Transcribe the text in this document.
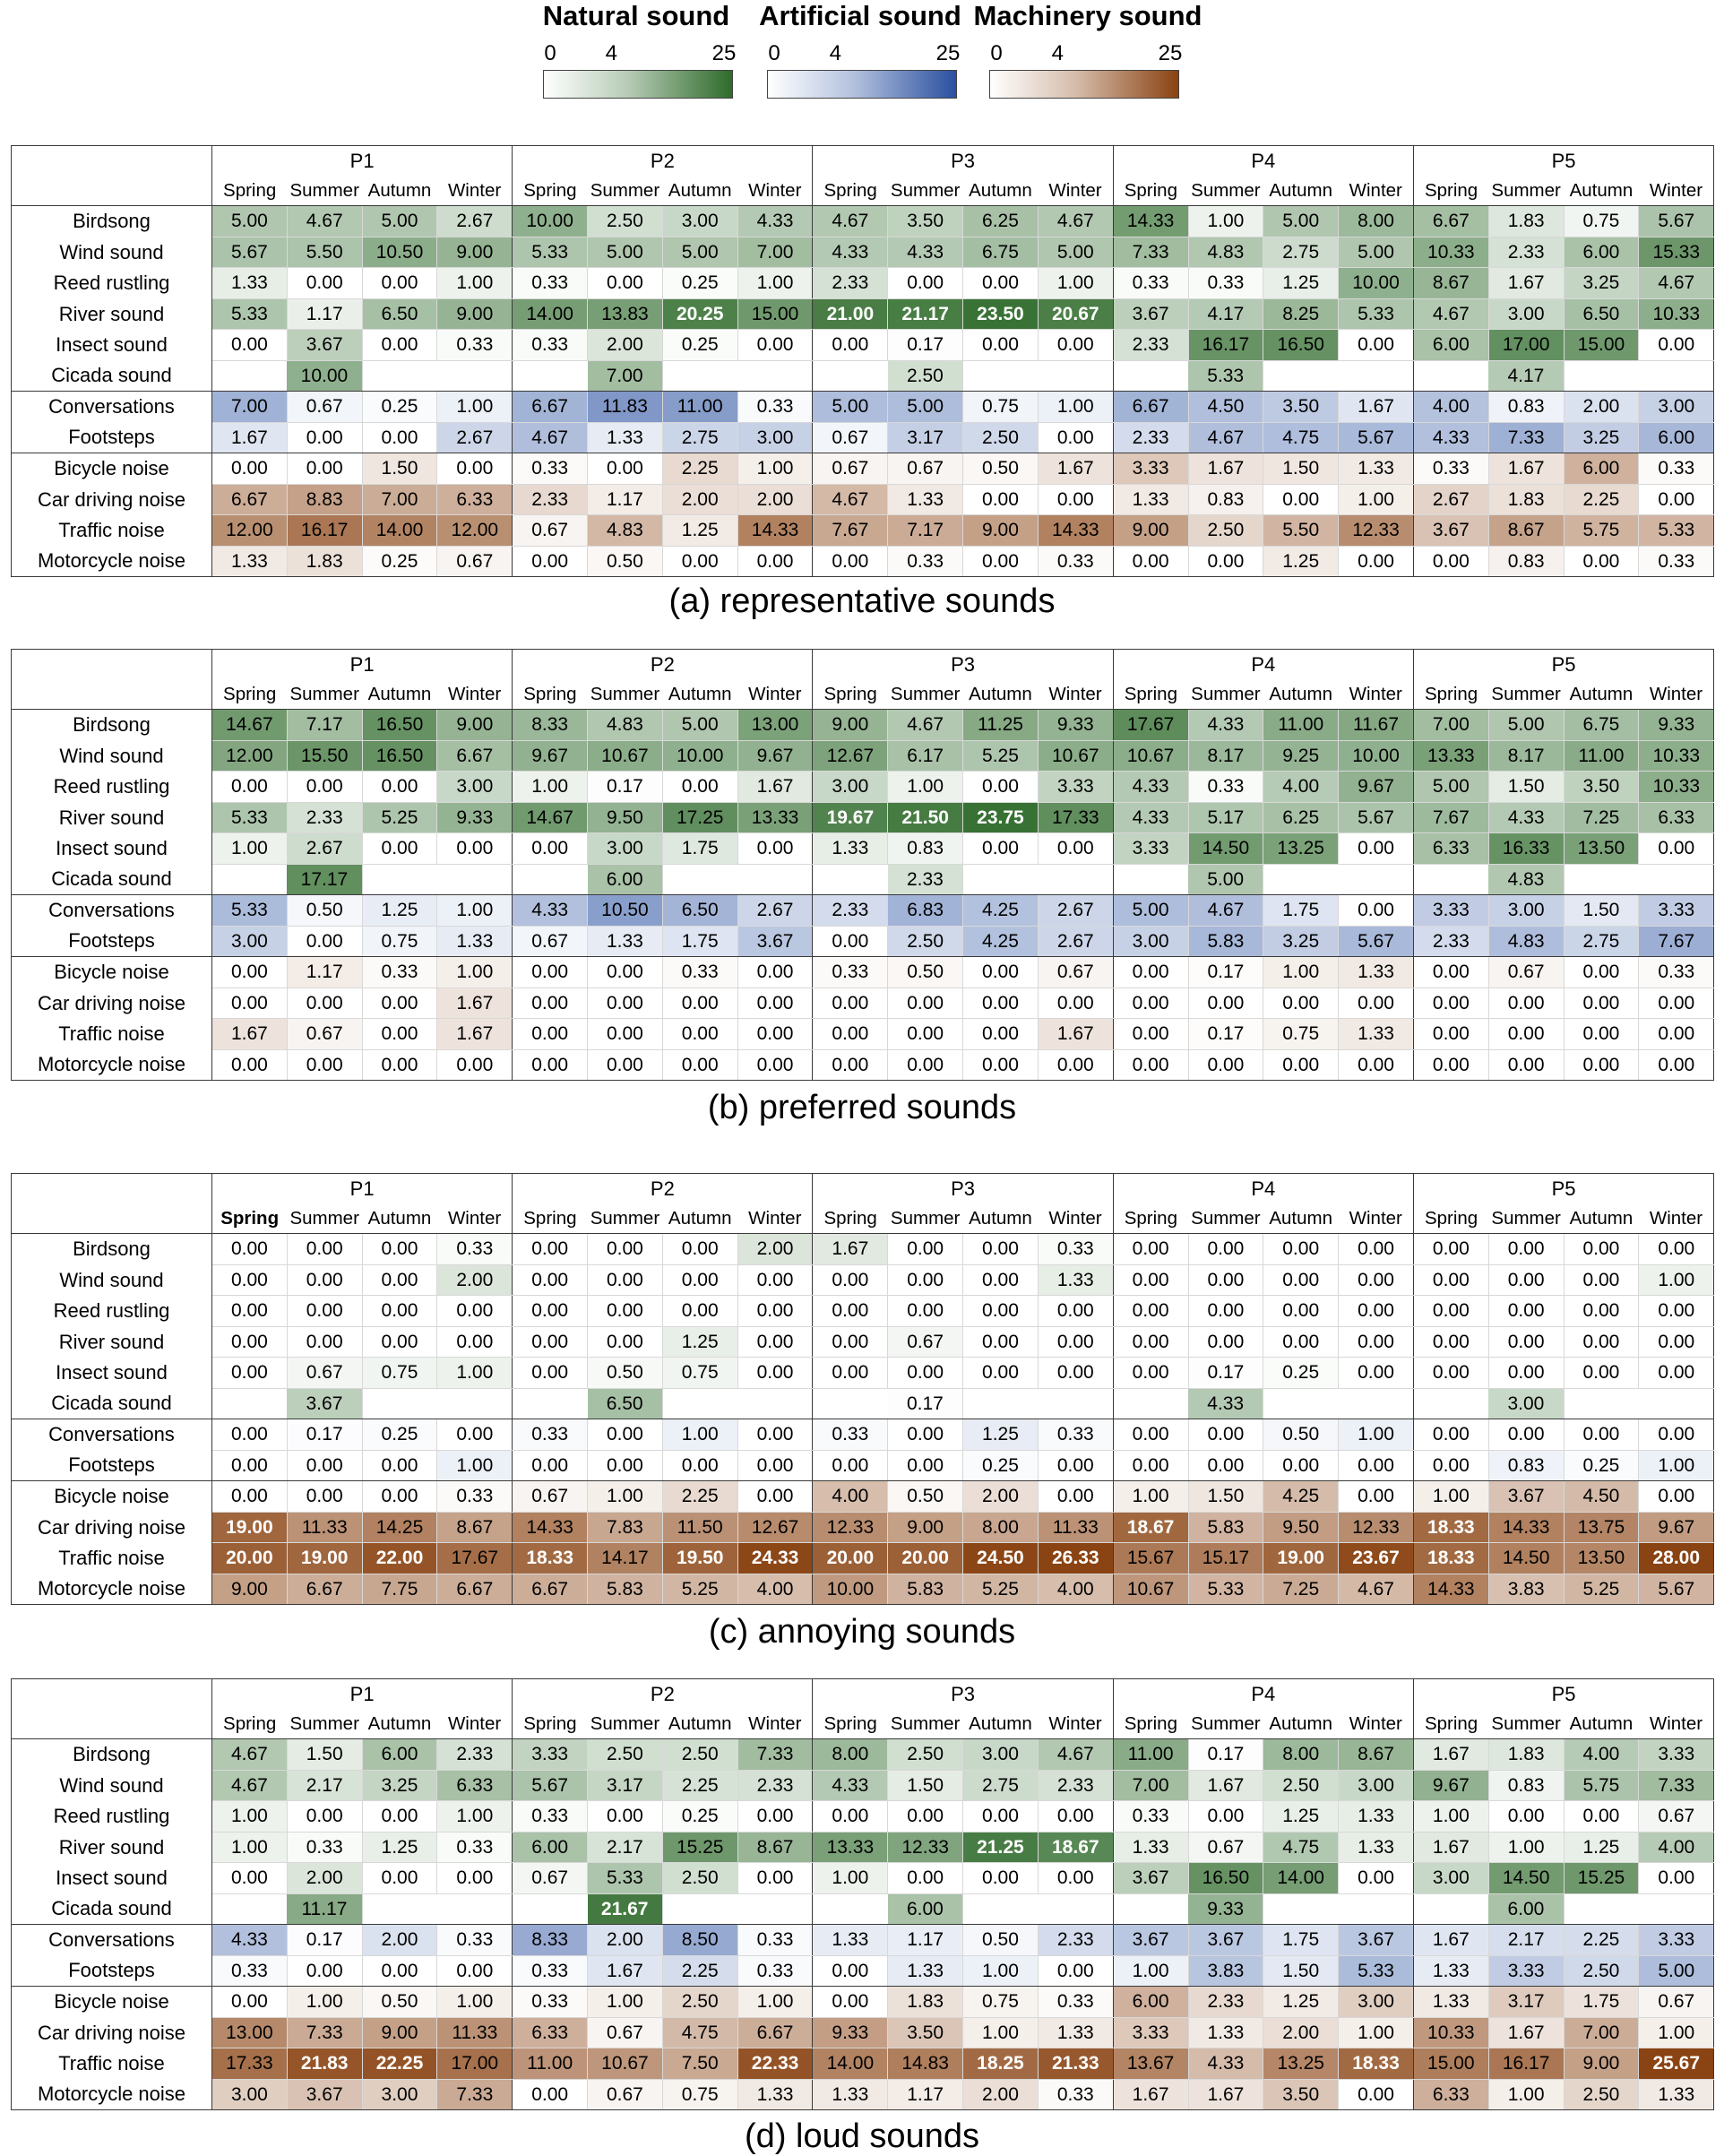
Natural sound
0 4	25
Artificial sound
0 4	25
Machinery sound
0 4	25
	P1				P2				P3				P4				P5			
	Spring	Summer	Autumn	Winter	Spring	Summer	Autumn	Winter	Spring	Summer	Autumn	Winter	Spring	Summer	Autumn	Winter	Spring	Summer	Autumn	Winter
Birdsong	5.00	4.67	5.00	2.67	10.00	2.50	3.00	4.33	4.67	3.50	6.25	4.67	14.33	1.00	5.00	8.00	6.67	1.83	0.75	5.67
Wind sound	5.67	5.50	10.50	9.00	5.33	5.00	5.00	7.00	4.33	4.33	6.75	5.00	7.33	4.83	2.75	5.00	10.33	2.33	6.00	15.33
Reed rustling	1.33	0.00	0.00	1.00	0.33	0.00	0.25	1.00	2.33	0.00	0.00	1.00	0.33	0.33	1.25	10.00	8.67	1.67	3.25	4.67
River sound	5.33	1.17	6.50	9.00	14.00	13.83	20.25	15.00	21.00	21.17	23.50	20.67	3.67	4.17	8.25	5.33	4.67	3.00	6.50	10.33
Insect sound	0.00	3.67	0.00	0.33	0.33	2.00	0.25	0.00	0.00	0.17	0.00	0.00	2.33	16.17	16.50	0.00	6.00	17.00	15.00	0.00
Cicada sound		10.00				7.00				2.50				5.33				4.17		
Conversations	7.00	0.67	0.25	1.00	6.67	11.83	11.00	0.33	5.00	5.00	0.75	1.00	6.67	4.50	3.50	1.67	4.00	0.83	2.00	3.00
Footsteps	1.67	0.00	0.00	2.67	4.67	1.33	2.75	3.00	0.67	3.17	2.50	0.00	2.33	4.67	4.75	5.67	4.33	7.33	3.25	6.00
Bicycle noise	0.00	0.00	1.50	0.00	0.33	0.00	2.25	1.00	0.67	0.67	0.50	1.67	3.33	1.67	1.50	1.33	0.33	1.67	6.00	0.33
Car driving noise	6.67	8.83	7.00	6.33	2.33	1.17	2.00	2.00	4.67	1.33	0.00	0.00	1.33	0.83	0.00	1.00	2.67	1.83	2.25	0.00
Traffic noise	12.00	16.17	14.00	12.00	0.67	4.83	1.25	14.33	7.67	7.17	9.00	14.33	9.00	2.50	5.50	12.33	3.67	8.67	5.75	5.33
Motorcycle noise	1.33	1.83	0.25	0.67	0.00	0.50	0.00	0.00	0.00	0.33	0.00	0.33	0.00	0.00	1.25	0.00	0.00	0.83	0.00	0.33
(a) representative sounds
	P1				P2				P3				P4				P5			
	Spring	Summer	Autumn	Winter	Spring	Summer	Autumn	Winter	Spring	Summer	Autumn	Winter	Spring	Summer	Autumn	Winter	Spring	Summer	Autumn	Winter
Birdsong	14.67	7.17	16.50	9.00	8.33	4.83	5.00	13.00	9.00	4.67	11.25	9.33	17.67	4.33	11.00	11.67	7.00	5.00	6.75	9.33
Wind sound	12.00	15.50	16.50	6.67	9.67	10.67	10.00	9.67	12.67	6.17	5.25	10.67	10.67	8.17	9.25	10.00	13.33	8.17	11.00	10.33
Reed rustling	0.00	0.00	0.00	3.00	1.00	0.17	0.00	1.67	3.00	1.00	0.00	3.33	4.33	0.33	4.00	9.67	5.00	1.50	3.50	10.33
River sound	5.33	2.33	5.25	9.33	14.67	9.50	17.25	13.33	19.67	21.50	23.75	17.33	4.33	5.17	6.25	5.67	7.67	4.33	7.25	6.33
Insect sound	1.00	2.67	0.00	0.00	0.00	3.00	1.75	0.00	1.33	0.83	0.00	0.00	3.33	14.50	13.25	0.00	6.33	16.33	13.50	0.00
Cicada sound		17.17				6.00				2.33				5.00				4.83		
Conversations	5.33	0.50	1.25	1.00	4.33	10.50	6.50	2.67	2.33	6.83	4.25	2.67	5.00	4.67	1.75	0.00	3.33	3.00	1.50	3.33
Footsteps	3.00	0.00	0.75	1.33	0.67	1.33	1.75	3.67	0.00	2.50	4.25	2.67	3.00	5.83	3.25	5.67	2.33	4.83	2.75	7.67
Bicycle noise	0.00	1.17	0.33	1.00	0.00	0.00	0.33	0.00	0.33	0.50	0.00	0.67	0.00	0.17	1.00	1.33	0.00	0.67	0.00	0.33
Car driving noise	0.00	0.00	0.00	1.67	0.00	0.00	0.00	0.00	0.00	0.00	0.00	0.00	0.00	0.00	0.00	0.00	0.00	0.00	0.00	0.00
Traffic noise	1.67	0.67	0.00	1.67	0.00	0.00	0.00	0.00	0.00	0.00	0.00	1.67	0.00	0.17	0.75	1.33	0.00	0.00	0.00	0.00
Motorcycle noise	0.00	0.00	0.00	0.00	0.00	0.00	0.00	0.00	0.00	0.00	0.00	0.00	0.00	0.00	0.00	0.00	0.00	0.00	0.00	0.00
(b) preferred sounds
	P1				P2				P3				P4				P5			
	Spring	Summer	Autumn	Winter	Spring	Summer	Autumn	Winter	Spring	Summer	Autumn	Winter	Spring	Summer	Autumn	Winter	Spring	Summer	Autumn	Winter
Birdsong	0.00	0.00	0.00	0.33	0.00	0.00	0.00	2.00	1.67	0.00	0.00	0.33	0.00	0.00	0.00	0.00	0.00	0.00	0.00	0.00
Wind sound	0.00	0.00	0.00	2.00	0.00	0.00	0.00	0.00	0.00	0.00	0.00	1.33	0.00	0.00	0.00	0.00	0.00	0.00	0.00	1.00
Reed rustling	0.00	0.00	0.00	0.00	0.00	0.00	0.00	0.00	0.00	0.00	0.00	0.00	0.00	0.00	0.00	0.00	0.00	0.00	0.00	0.00
River sound	0.00	0.00	0.00	0.00	0.00	0.00	1.25	0.00	0.00	0.67	0.00	0.00	0.00	0.00	0.00	0.00	0.00	0.00	0.00	0.00
Insect sound	0.00	0.67	0.75	1.00	0.00	0.50	0.75	0.00	0.00	0.00	0.00	0.00	0.00	0.17	0.25	0.00	0.00	0.00	0.00	0.00
Cicada sound		3.67				6.50				0.17				4.33				3.00		
Conversations	0.00	0.17	0.25	0.00	0.33	0.00	1.00	0.00	0.33	0.00	1.25	0.33	0.00	0.00	0.50	1.00	0.00	0.00	0.00	0.00
Footsteps	0.00	0.00	0.00	1.00	0.00	0.00	0.00	0.00	0.00	0.00	0.25	0.00	0.00	0.00	0.00	0.00	0.00	0.83	0.25	1.00
Bicycle noise	0.00	0.00	0.00	0.33	0.67	1.00	2.25	0.00	4.00	0.50	2.00	0.00	1.00	1.50	4.25	0.00	1.00	3.67	4.50	0.00
Car driving noise	19.00	11.33	14.25	8.67	14.33	7.83	11.50	12.67	12.33	9.00	8.00	11.33	18.67	5.83	9.50	12.33	18.33	14.33	13.75	9.67
Traffic noise	20.00	19.00	22.00	17.67	18.33	14.17	19.50	24.33	20.00	20.00	24.50	26.33	15.67	15.17	19.00	23.67	18.33	14.50	13.50	28.00
Motorcycle noise	9.00	6.67	7.75	6.67	6.67	5.83	5.25	4.00	10.00	5.83	5.25	4.00	10.67	5.33	7.25	4.67	14.33	3.83	5.25	5.67
(c) annoying sounds
	P1				P2				P3				P4				P5			
	Spring	Summer	Autumn	Winter	Spring	Summer	Autumn	Winter	Spring	Summer	Autumn	Winter	Spring	Summer	Autumn	Winter	Spring	Summer	Autumn	Winter
Birdsong	4.67	1.50	6.00	2.33	3.33	2.50	2.50	7.33	8.00	2.50	3.00	4.67	11.00	0.17	8.00	8.67	1.67	1.83	4.00	3.33
Wind sound	4.67	2.17	3.25	6.33	5.67	3.17	2.25	2.33	4.33	1.50	2.75	2.33	7.00	1.67	2.50	3.00	9.67	0.83	5.75	7.33
Reed rustling	1.00	0.00	0.00	1.00	0.33	0.00	0.25	0.00	0.00	0.00	0.00	0.00	0.33	0.00	1.25	1.33	1.00	0.00	0.00	0.67
River sound	1.00	0.33	1.25	0.33	6.00	2.17	15.25	8.67	13.33	12.33	21.25	18.67	1.33	0.67	4.75	1.33	1.67	1.00	1.25	4.00
Insect sound	0.00	2.00	0.00	0.00	0.67	5.33	2.50	0.00	1.00	0.00	0.00	0.00	3.67	16.50	14.00	0.00	3.00	14.50	15.25	0.00
Cicada sound		11.17				21.67				6.00				9.33				6.00		
Conversations	4.33	0.17	2.00	0.33	8.33	2.00	8.50	0.33	1.33	1.17	0.50	2.33	3.67	3.67	1.75	3.67	1.67	2.17	2.25	3.33
Footsteps	0.33	0.00	0.00	0.00	0.33	1.67	2.25	0.33	0.00	1.33	1.00	0.00	1.00	3.83	1.50	5.33	1.33	3.33	2.50	5.00
Bicycle noise	0.00	1.00	0.50	1.00	0.33	1.00	2.50	1.00	0.00	1.83	0.75	0.33	6.00	2.33	1.25	3.00	1.33	3.17	1.75	0.67
Car driving noise	13.00	7.33	9.00	11.33	6.33	0.67	4.75	6.67	9.33	3.50	1.00	1.33	3.33	1.33	2.00	1.00	10.33	1.67	7.00	1.00
Traffic noise	17.33	21.83	22.25	17.00	11.00	10.67	7.50	22.33	14.00	14.83	18.25	21.33	13.67	4.33	13.25	18.33	15.00	16.17	9.00	25.67
Motorcycle noise	3.00	3.67	3.00	7.33	0.00	0.67	0.75	1.33	1.33	1.17	2.00	0.33	1.67	1.67	3.50	0.00	6.33	1.00	2.50	1.33
(d) loud sounds
